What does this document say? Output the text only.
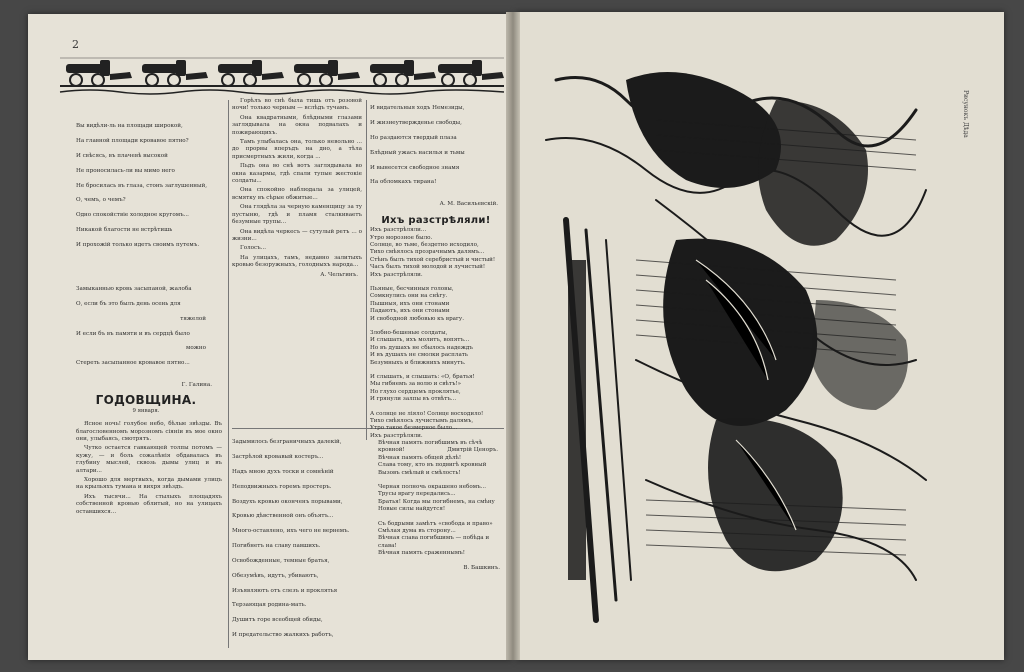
2

Вы видѣли-ль на площади широкой,

На главной площади кровавое пятно?

И свѣсясь, въ плачевѣ высокой

Не проносилась-ли вы мимо него

Не бросилась въ глаза, стонъ заглушенный,

О, чемъ, о чемъ?

Одно спокойствіе холодное кругомъ...

Никакой благости не встрѣтишь

И прохожій только идетъ своимъ путемъ.

Замыканнью кровь засыпаной, жалоба

О, если бъ это былъ день осень для

тяжелой

И если бъ въ памяти и въ сердцѣ было

можно

Стереть засыпанное кровавое пятно...

Г. Галина.
ГОДОВЩИНА.
9 января.

Ясное ночь! голубое небо, бѣлые звѣзды. Въ благословенномъ морозномъ сіяніи въ мое окно они, улыбаясь, смотрятъ.

Чутко остается гавкающей толпы потомъ — кужу, — и боль сожалѣнія обдавалась въ глубину мыслей, сквозь дымы улиц и въ алтари...

Хорошо для мертвыхъ, когда дымами улицъ на крыльяхъ тумана и вихря звѣздъ.

Ихъ тысячи... На стылыхъ площадяхъ собственной кровью облитый, но на улицахъ оставшихся...

Горѣлъ во снѣ была тишь отъ розовой ночи! только черным — вслѣдъ тучамъ.

Она квадратными, блѣдными глазами заглядывала на окна подвалахъ и пожирающихъ.

Тамъ улыбалась она, только невольно ... до прорвы вперъдъ на дно, а тѣла присмертныхъ жили, когда ...

Пьдъ она во снѣ вотъ заглядывала во окна казармы, гдѣ спали тупые жестокіе солдаты...

Она спокойно наблюдала за улицей, всмятку въ сѣрые обжитые...

Она глядѣла за черную каменщицу за ту пустыню, гдѣ и пламя сталкиваетъ безумные трупы...

Она видѣла черкесъ — сутулый ретъ ... о жизни...

Голосъ...

На улицахъ, тамъ, недавно залитыхъ кровью безоружныхъ, голодныхъ народа...

А. Чельгинъ.

И видательныя ходъ Немезиды,

И жизнеутвержденье свободы,

Но раздаются твердый плаза

Блѣдный ужасъ насилья и тьмы

И вынесется свободное знамя

На обломкахъ тирана!

А. М. Васильевскій.
Ихъ разстрѣляли!
Ихъ разстрѣляли...
Утро морозное было.
Солнце, во тьме, бездетно исходило,
Тихо смѣялось прозрачнымъ далямъ...
Стѣнъ былъ тихой серебристый и чистый!
Часъ былъ тихой молодой и лучистый!
Ихъ разстрѣляли.
Пьяные, бесчинныя головы,
Сомкнулись они на снѣгу.
Пышныя, ихъ они стонами
Падаютъ, ихъ они стонами
И свободной любовью къ врагу.
Злобно-бешеные солдаты,
И слышать, ихъ молитъ, вопятъ...
Но въ душахъ не сбылось надеждъ
И въ душахъ не смолки расплать
Безумныхъ и ближнихъ минутъ.
И слышать, и слышать: «О, братья!
Мы гибнемъ за волю и свѣтъ!»
Но глухо сердцемъ проклятье,
И грянули залпы въ отвѣтъ...
А солнце не ліяло! Солнце восходило!
Тихо смѣялось лучистымъ далямъ,
Утро такое безмерное было...
Ихъ разстрѣляли.
Дмитрій Ценоръ.

Задымилось безграничныхъ далекій,

Застрѣлой кровавый костеръ...

Надъ мною духъ тоски и сомнѣній

Неподвижныхъ горемъ простеръ.

Воздухъ кровью оконченъ порывами,

Кровью дѣвственной онъ объятъ...

Много-оставлено, ихъ чего не вернемъ.

Погибнетъ на славу павшихъ.

Освобожденные, темные братья,

Обезумѣвъ, идутъ, убиваютъ,

Изъявляютъ отъ слезъ и проклятья

Терзающая родина-мать.

Душитъ горе всеобщей обиды,

И предательство жалкихъ работъ,

Вѣчная память погибшимъ въ сѣчѣ кровной!
Вѣчная память общей дѣлѣ!
Слава тому, кто въ подвигѣ кровный
Вызовъ смѣлый и смѣлость!
Черная полночь окрашено небомъ...
Трусы врагу передались...
Братья! Когда мы погибнемъ, на смѣну
Новые силы найдутся!
Съ бодрыми замѣтъ «свобода и право»
Смѣлая дума въ сторону...
Вѣчная слава погибшимъ — побѣда и слава!
Вѣчная память сраженнымъ!
В. Башкинъ.
Рисунокъ Дѣда
